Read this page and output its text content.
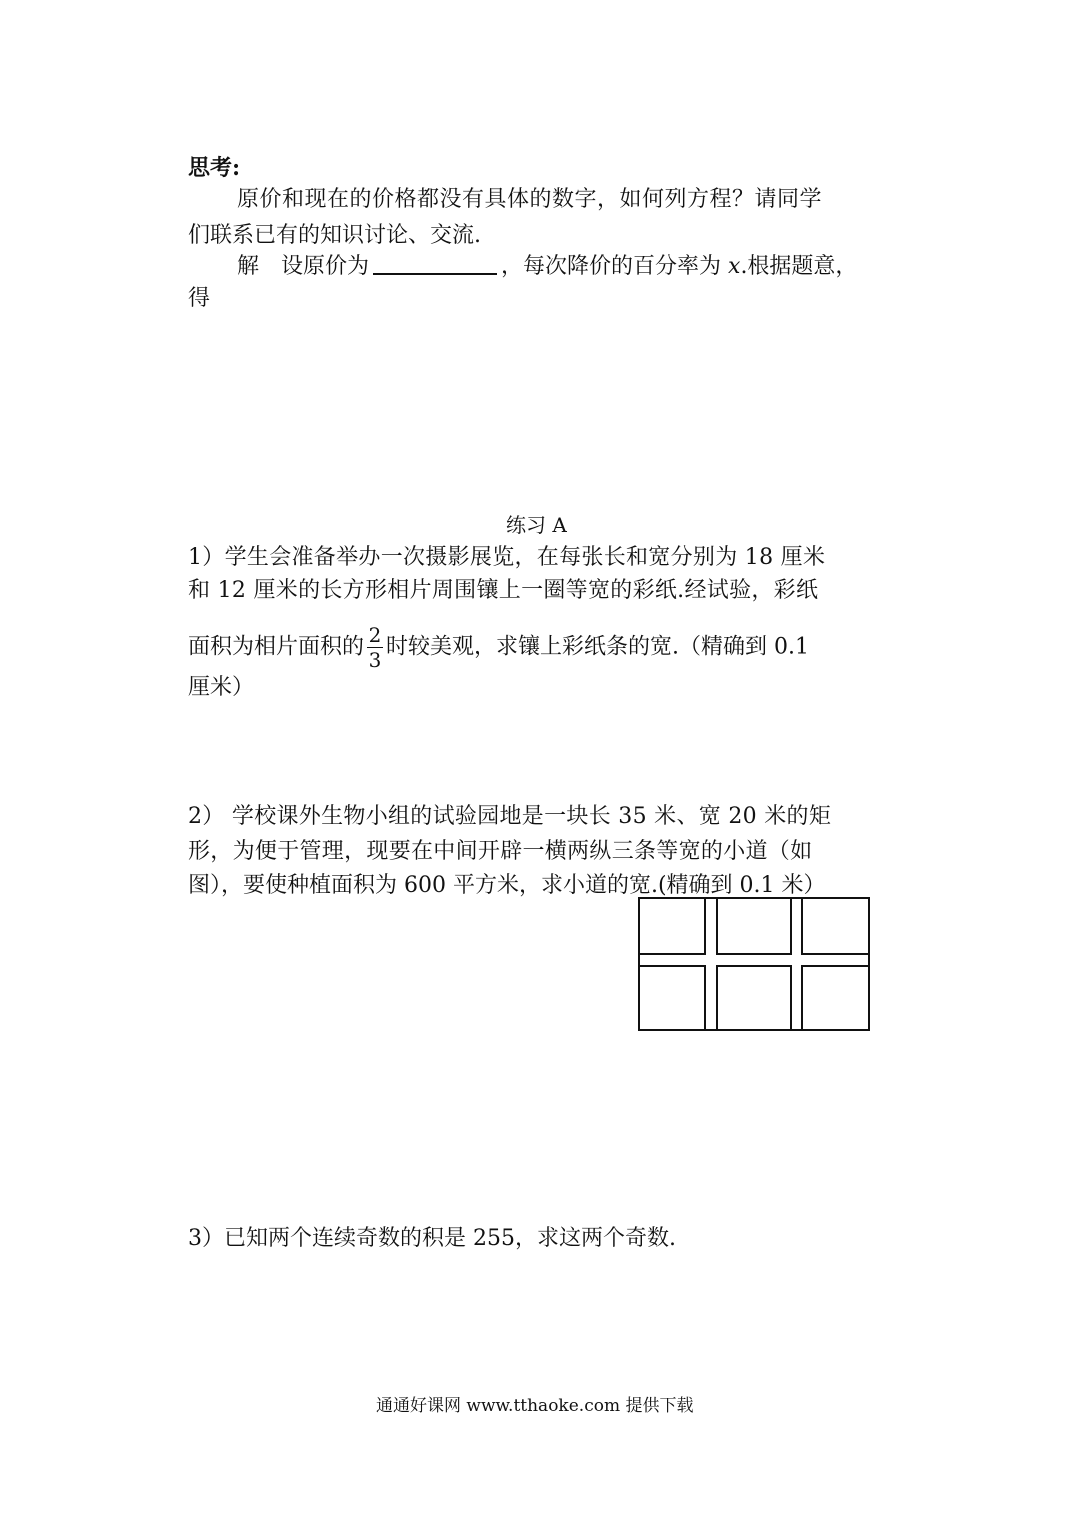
思考:
原价和现在的价格都没有具体的数字，如何列方程？请同学
们联系已有的知识讨论、交流.
解　设原价为	，每次降价的百分率为 x.根据题意，
得
练习 A
1）学生会准备举办一次摄影展览，在每张长和宽分别为 18 厘米
和 12 厘米的长方形相片周围镶上一圈等宽的彩纸.经试验，彩纸
面积为相片面积的 $\frac{2}{3}$ 时较美观，求镶上彩纸条的宽.（精确到 0.1
厘米）
2） 学校课外生物小组的试验园地是一块长 35 米、宽 20 米的矩
形，为便于管理，现要在中间开辟一横两纵三条等宽的小道（如
图），要使种植面积为 600 平方米，求小道的宽.(精确到 0.1 米）
3）已知两个连续奇数的积是 255，求这两个奇数.
通通好课网 www.tthaoke.com 提供下载
